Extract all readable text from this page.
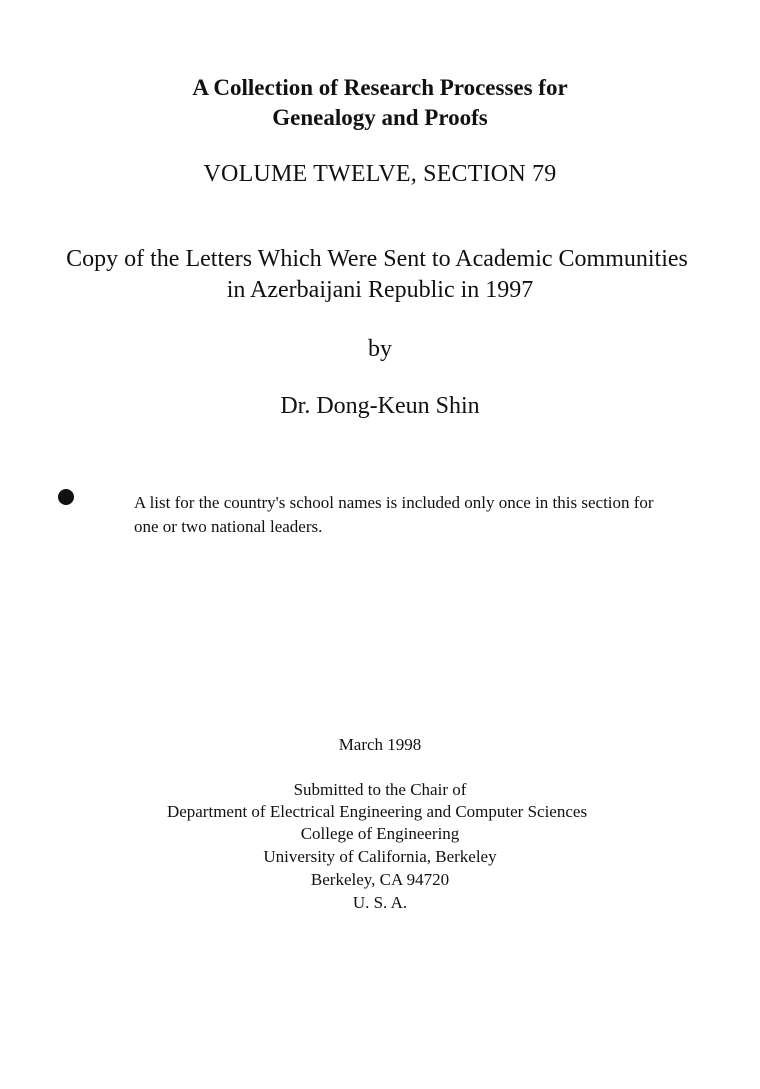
A Collection of Research Processes for
Genealogy and Proofs
VOLUME TWELVE, SECTION 79
Copy of the Letters Which Were Sent to Academic Communities
in Azerbaijani Republic in 1997
by
Dr. Dong-Keun Shin
A list for the country's school names is included only once in this section for
one or two national leaders.
March 1998
Submitted to the Chair of
Department of Electrical Engineering and Computer Sciences
College of Engineering
University of California, Berkeley
Berkeley, CA 94720
U. S. A.
